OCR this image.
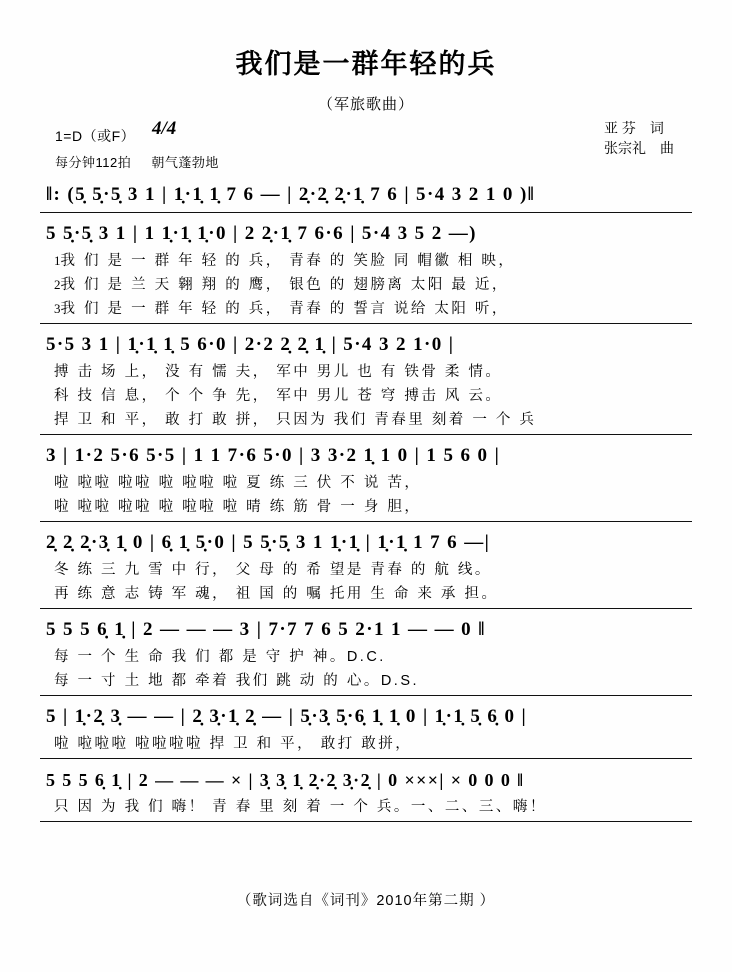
我们是一群年轻的兵
（军旅歌曲）
1=D（或F） 4/4
每分钟112拍 朝气蓬勃地
亚 芬 词
张宗礼 曲
‖: (5̣ 5̣·5̣ 3 1 | 1̣·1̣ 1̣ 7 6 — | 2̣·2̣ 2̣·1̣ 7 6 | 5·4 3 2 1 0 )‖
5 5̣·5̣ 3 1 | 1 1̣·1̣ 1̣·0 | 2 2̣·1̣ 7 6·6 | 5·4 3 5 2 —)
1我 们 是 一 群 年 轻 的 兵， 青春 的 笑脸 同 帽徽 相 映，
2我 们 是 兰 天 翱 翔 的 鹰， 银色 的 翅膀离 太阳 最 近，
3我 们 是 一 群 年 轻 的 兵， 青春 的 誓言 说给 太阳 听，
5·5 3 1 | 1̣·1̣ 1̣ 5 6·0 | 2·2 2̣ 2̣ 1̣ | 5·4 3 2 1·0 |
搏 击 场 上， 没 有 懦 夫， 军中 男儿 也 有 铁骨 柔 情。
科 技 信 息， 个 个 争 先， 军中 男儿 苍 穹 搏击 风 云。
捍 卫 和 平， 敢 打 敢 拼， 只因为 我们 青春里 刻着 一 个 兵
3 | 1·2 5·6 5·5 | 1 1 7·6 5·0 | 3 3·2 1̣ 1 0 | 1 5 6 0 |
啦 啦啦 啦啦 啦 啦啦 啦 夏 练 三 伏 不 说 苦，
啦 啦啦 啦啦 啦 啦啦 啦 晴 练 筋 骨 一 身 胆，
2̣ 2̣ 2̣·3̣ 1̣ 0 | 6̣ 1̣ 5̣·0 | 5 5̣·5̣ 3 1 1̣·1̣ | 1̣·1̣ 1 7 6 —|
冬 练 三 九 雪 中 行， 父 母 的 希 望是 青春 的 航 线。
再 练 意 志 铸 军 魂， 祖 国 的 嘱 托用 生 命 来 承 担。
5 5 5 6̣ 1̣ | 2 — — — 3 | 7·7 7 6 5 2·1 1 — — 0 ‖
每 一 个 生 命 我 们 都 是 守 护 神。D.C.
每 一 寸 土 地 都 牵着 我们 跳 动 的 心。D.S.
5 | 1̣·2̣ 3̣ — — | 2̣ 3̣·1̣ 2̣ — | 5̣·3̣ 5̣·6̣ 1̣ 1̣ 0 | 1̣·1̣ 5̣ 6̣ 0 |
啦 啦啦啦 啦啦啦啦 捍 卫 和 平， 敢打 敢拼，
5 5 5 6̣ 1̣ | 2 — — — × | 3̣ 3̣ 1̣ 2̣·2̣ 3̣·2̣ | 0 ×××| × 0 0 0 ‖
只 因 为 我 们 嗨！ 青 春 里 刻 着 一 个 兵。一、二、三、嗨！
（歌词选自《词刊》2010年第二期 ）
